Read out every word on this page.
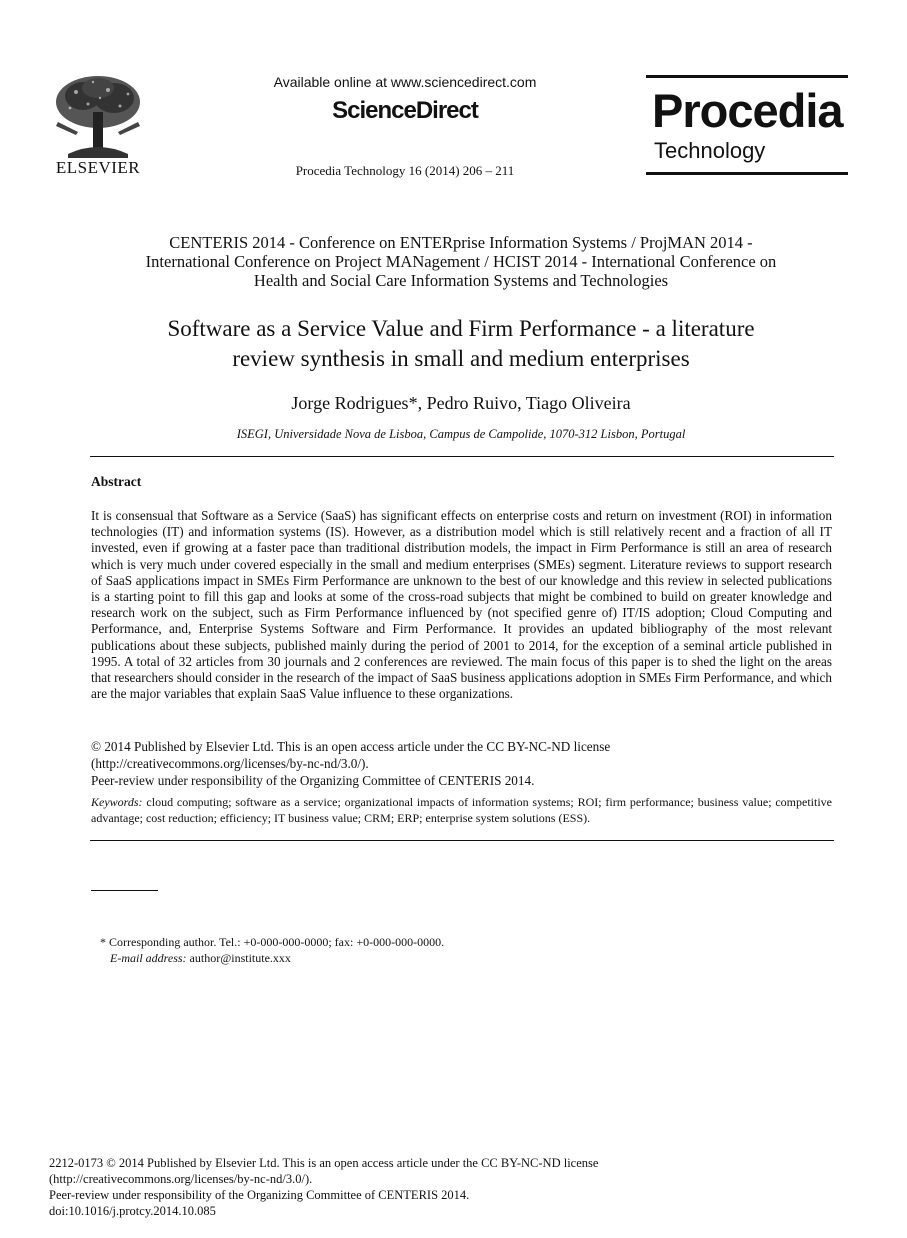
ELSEVIER
Available online at www.sciencedirect.com
ScienceDirect
Procedia Technology 16 (2014) 206 – 211
Procedia
Technology
CENTERIS 2014 - Conference on ENTERprise Information Systems / ProjMAN 2014 -
International Conference on Project MANagement / HCIST 2014 - International Conference on
Health and Social Care Information Systems and Technologies
Software as a Service Value and Firm Performance - a literature
review synthesis in small and medium enterprises
Jorge Rodrigues*, Pedro Ruivo, Tiago Oliveira
ISEGI, Universidade Nova de Lisboa, Campus de Campolide, 1070-312 Lisbon, Portugal
Abstract

It is consensual that Software as a Service (SaaS) has significant effects on enterprise costs and return on investment (ROI) in information technologies (IT) and information systems (IS). However, as a distribution model which is still relatively recent and a fraction of all IT invested, even if growing at a faster pace than traditional distribution models, the impact in Firm Performance is still an area of research which is very much under covered especially in the small and medium enterprises (SMEs) segment. Literature reviews to support research of SaaS applications impact in SMEs Firm Performance are unknown to the best of our knowledge and this review in selected publications is a starting point to fill this gap and looks at some of the cross-road subjects that might be combined to build on greater knowledge and research work on the subject, such as Firm Performance influenced by (not specified genre of) IT/IS adoption; Cloud Computing and Performance, and, Enterprise Systems Software and Firm Performance. It provides an updated bibliography of the most relevant publications about these subjects, published mainly during the period of 2001 to 2014, for the exception of a seminal article published in 1995. A total of 32 articles from 30 journals and 2 conferences are reviewed. The main focus of this paper is to shed the light on the areas that researchers should consider in the research of the impact of SaaS business applications adoption in SMEs Firm Performance, and which are the major variables that explain SaaS Value influence to these organizations.

© 2014 Published by Elsevier Ltd. This is an open access article under the CC BY-NC-ND license
(http://creativecommons.org/licenses/by-nc-nd/3.0/).
Peer-review under responsibility of the Organizing Committee of CENTERIS 2014.
Keywords: cloud computing; software as a service; organizational impacts of information systems; ROI; firm performance; business value; competitive advantage; cost reduction; efficiency; IT business value; CRM; ERP; enterprise system solutions (ESS).
* Corresponding author. Tel.: +0-000-000-0000; fax: +0-000-000-0000.
E-mail address: author@institute.xxx
2212-0173 © 2014 Published by Elsevier Ltd. This is an open access article under the CC BY-NC-ND license
(http://creativecommons.org/licenses/by-nc-nd/3.0/).
Peer-review under responsibility of the Organizing Committee of CENTERIS 2014.
doi:10.1016/j.protcy.2014.10.085
